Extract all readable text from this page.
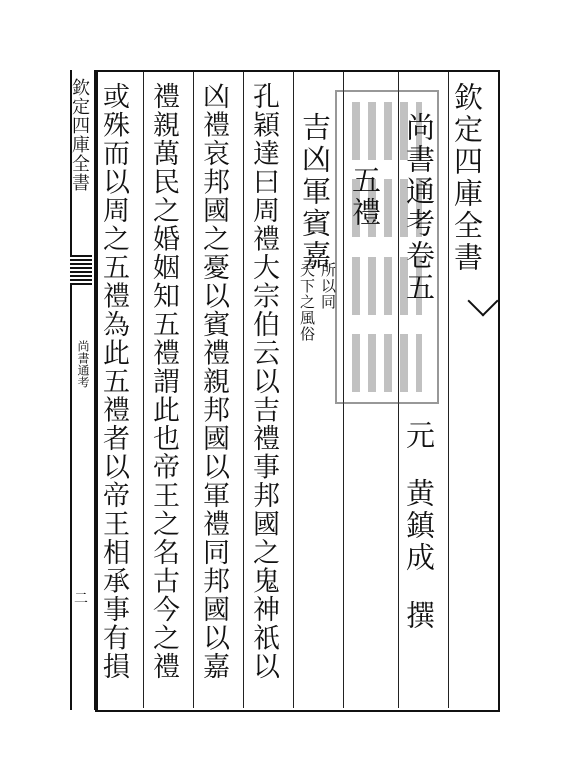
欽定四庫全書
尚書通考
二
欽定四庫全書
尚書通考卷五
元
黄鎮成
撰
五禮
吉凶軍賓嘉
所以同
天下之風俗
孔穎達曰周禮大宗伯云以吉禮事邦國之鬼神祇以
凶禮哀邦國之憂以賓禮親邦國以軍禮同邦國以嘉
禮親萬民之婚姻知五禮謂此也帝王之名古今之禮
或殊而以周之五禮為此五禮者以帝王相承事有損
